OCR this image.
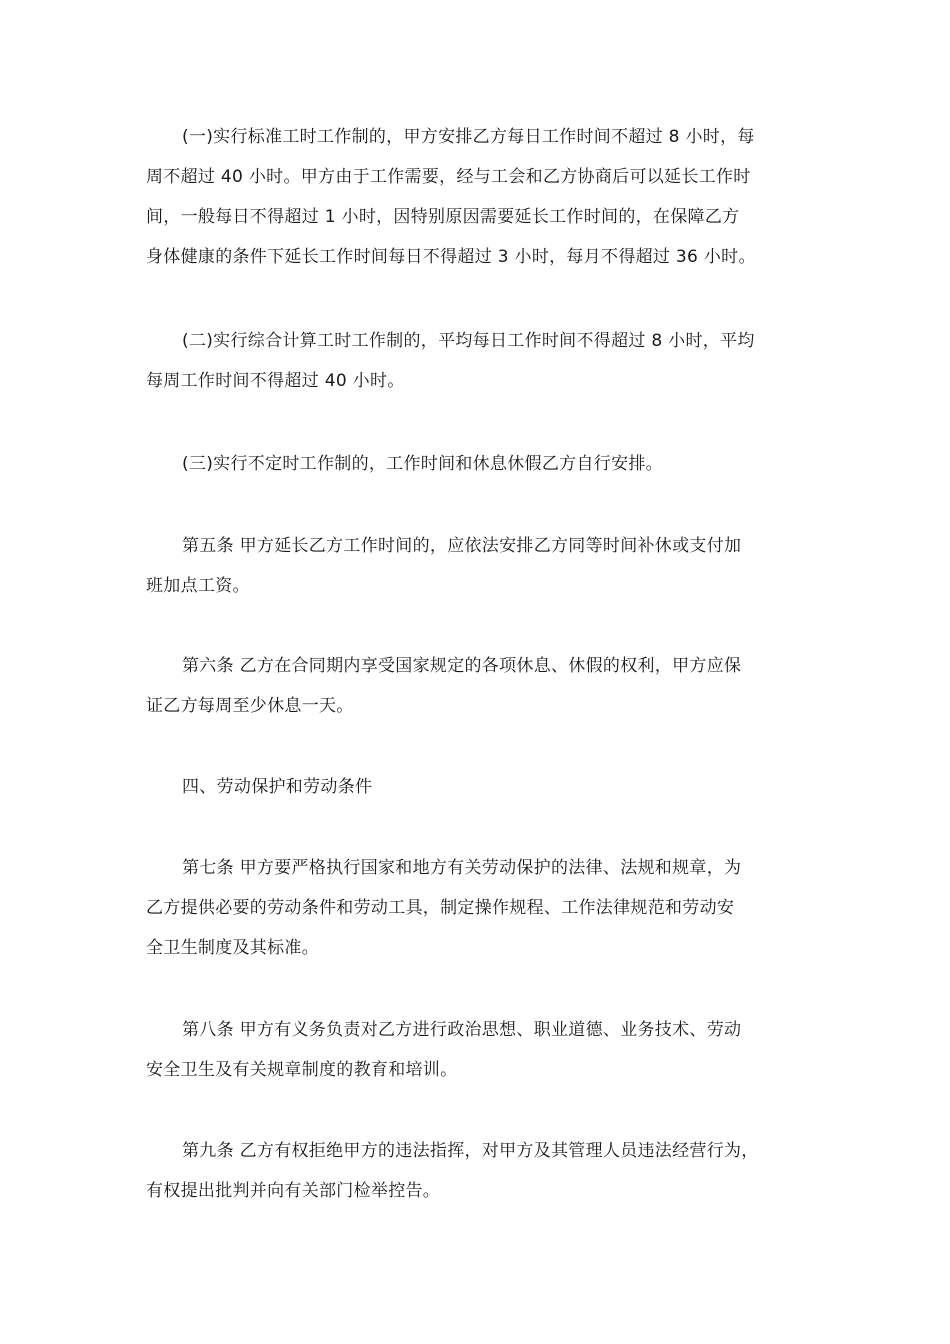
(一)实行标准工时工作制的，甲方安排乙方每日工作时间不超过 8 小时，每
周不超过 40 小时。甲方由于工作需要，经与工会和乙方协商后可以延长工作时
间，一般每日不得超过 1 小时，因特别原因需要延长工作时间的，在保障乙方
身体健康的条件下延长工作时间每日不得超过 3 小时，每月不得超过 36 小时。

(二)实行综合计算工时工作制的，平均每日工作时间不得超过 8 小时，平均
每周工作时间不得超过 40 小时。

(三)实行不定时工作制的，工作时间和休息休假乙方自行安排。

第五条 甲方延长乙方工作时间的，应依法安排乙方同等时间补休或支付加
班加点工资。

第六条 乙方在合同期内享受国家规定的各项休息、休假的权利，甲方应保
证乙方每周至少休息一天。

四、劳动保护和劳动条件

第七条 甲方要严格执行国家和地方有关劳动保护的法律、法规和规章，为
乙方提供必要的劳动条件和劳动工具，制定操作规程、工作法律规范和劳动安
全卫生制度及其标准。

第八条 甲方有义务负责对乙方进行政治思想、职业道德、业务技术、劳动
安全卫生及有关规章制度的教育和培训。

第九条 乙方有权拒绝甲方的违法指挥，对甲方及其管理人员违法经营行为，
有权提出批判并向有关部门检举控告。
